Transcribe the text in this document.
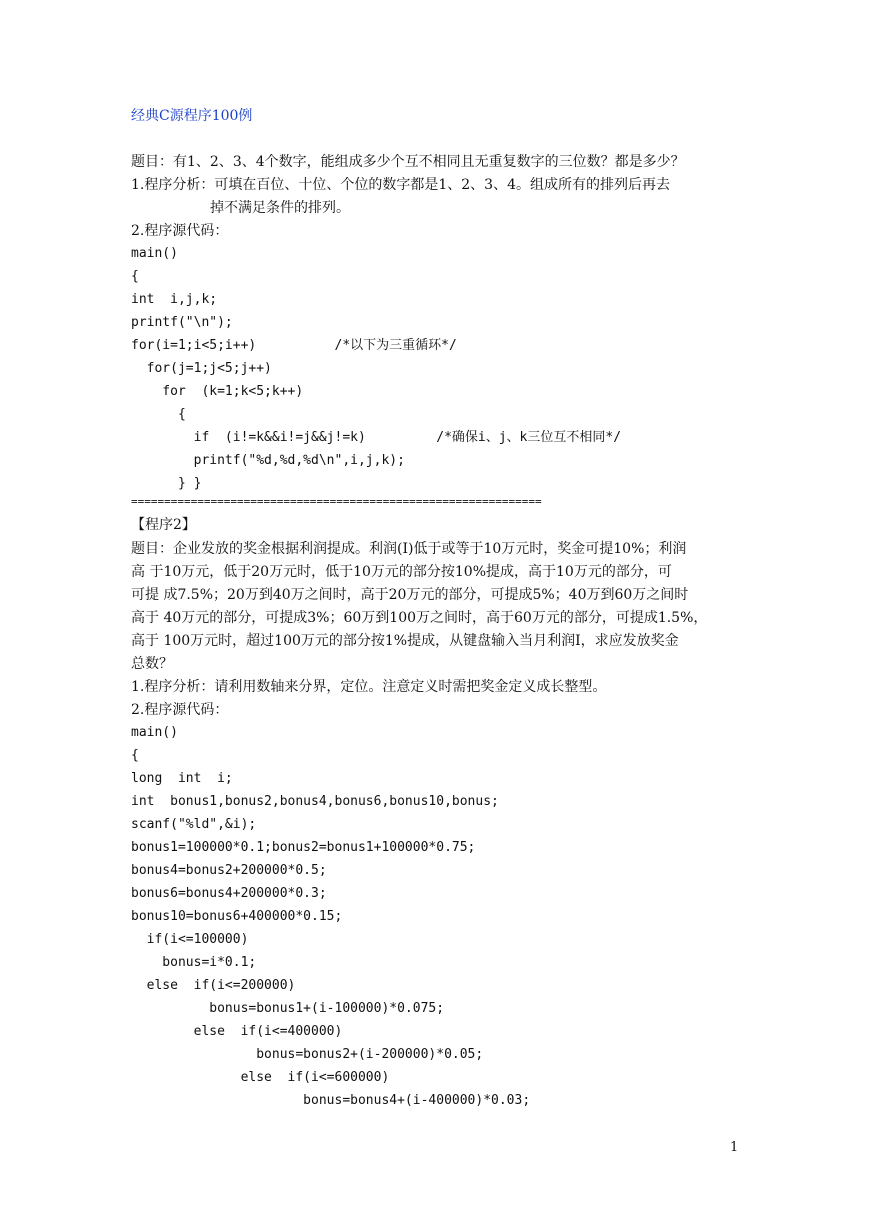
经典C源程序100例
题目：有1、2、3、4个数字，能组成多少个互不相同且无重复数字的三位数？都是多少？
1.程序分析：可填在百位、十位、个位的数字都是1、2、3、4。组成所有的排列后再去
掉不满足条件的排列。
2.程序源代码：
main()
{
int  i,j,k;
printf("\n");
for(i=1;i<5;i++)          /*以下为三重循环*/
for(j=1;j<5;j++)
for  (k=1;k<5;k++)
{
if  (i!=k&&i!=j&&j!=k)         /*确保i、j、k三位互不相同*/
printf("%d,%d,%d\n",i,j,k);
} }
==============================================================
【程序2】
题目：企业发放的奖金根据利润提成。利润(I)低于或等于10万元时，奖金可提10%；利润
高 于10万元，低于20万元时，低于10万元的部分按10%提成，高于10万元的部分，可
可提 成7.5%；20万到40万之间时，高于20万元的部分，可提成5%；40万到60万之间时
高于 40万元的部分，可提成3%；60万到100万之间时，高于60万元的部分，可提成1.5%，
高于 100万元时，超过100万元的部分按1%提成，从键盘输入当月利润I，求应发放奖金
总数？
1.程序分析：请利用数轴来分界，定位。注意定义时需把奖金定义成长整型。
2.程序源代码：
main()
{
long  int  i;
int  bonus1,bonus2,bonus4,bonus6,bonus10,bonus;
scanf("%ld",&i);
bonus1=100000*0.1;bonus2=bonus1+100000*0.75;
bonus4=bonus2+200000*0.5;
bonus6=bonus4+200000*0.3;
bonus10=bonus6+400000*0.15;
if(i<=100000)
bonus=i*0.1;
else  if(i<=200000)
bonus=bonus1+(i-100000)*0.075;
else  if(i<=400000)
bonus=bonus2+(i-200000)*0.05;
else  if(i<=600000)
bonus=bonus4+(i-400000)*0.03;
1
